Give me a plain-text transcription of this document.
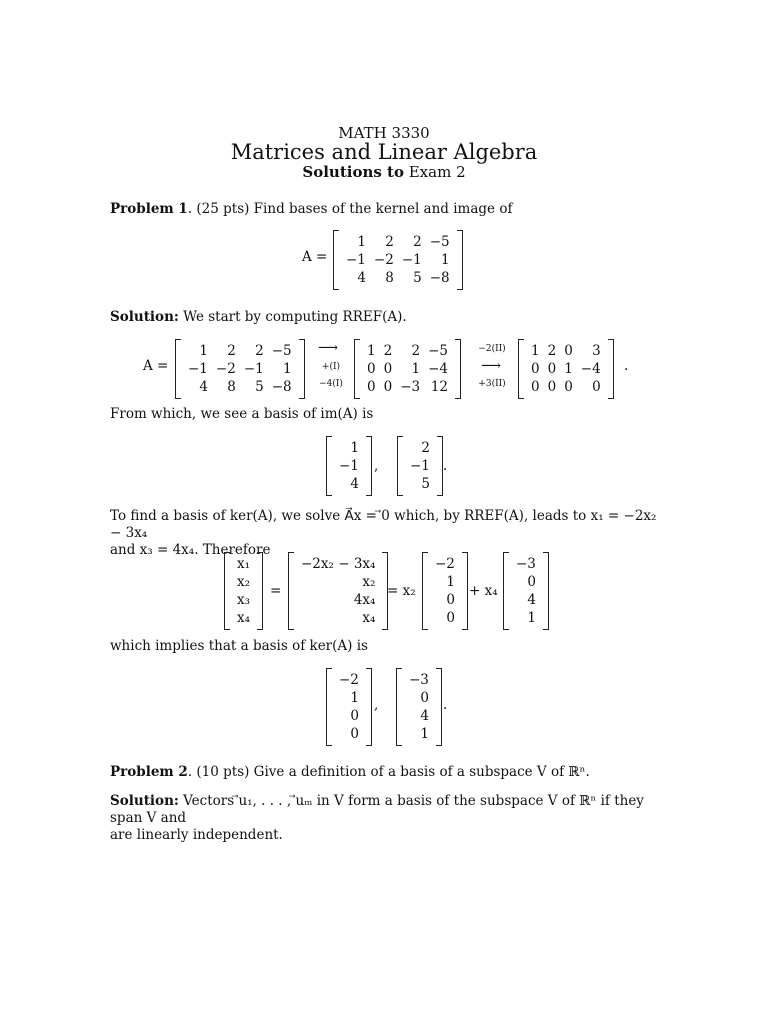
MATH 3330
Matrices and Linear Algebra
Solutions to Exam 2
Problem 1. (25 pts) Find bases of the kernel and image of
A =
1	2	2	−5
−1	−2	−1	1
4	8	5	−8
Solution: We start by computing RREF(A).
A =
1	2	2	−5
−1	−2	−1	1
4	8	5	−8
⟶
+(I)
−4(I)
1	2	2	−5
0	0	1	−4
0	0	−3	12
−2(II)
⟶
+3(II)
1	2	0	3
0	0	1	−4
0	0	0	0
.
From which, we see a basis of im(A) is
1
−1
4
,
2
−1
5
.
To find a basis of ker(A), we solve A⃗x = ⃗0 which, by RREF(A), leads to x₁ = −2x₂ − 3x₄
and x₃ = 4x₄. Therefore
x₁
x₂
x₃
x₄
=
−2x₂ − 3x₄
x₂
4x₄
x₄
= x₂
−2
1
0
0
+ x₄
−3
0
4
1
which implies that a basis of ker(A) is
−2
1
0
0
,
−3
0
4
1
.
Problem 2. (10 pts) Give a definition of a basis of a subspace V of ℝⁿ.
Solution: Vectors ⃗u₁, . . . , ⃗uₘ in V form a basis of the subspace V of ℝⁿ if they span V and
are linearly independent.
